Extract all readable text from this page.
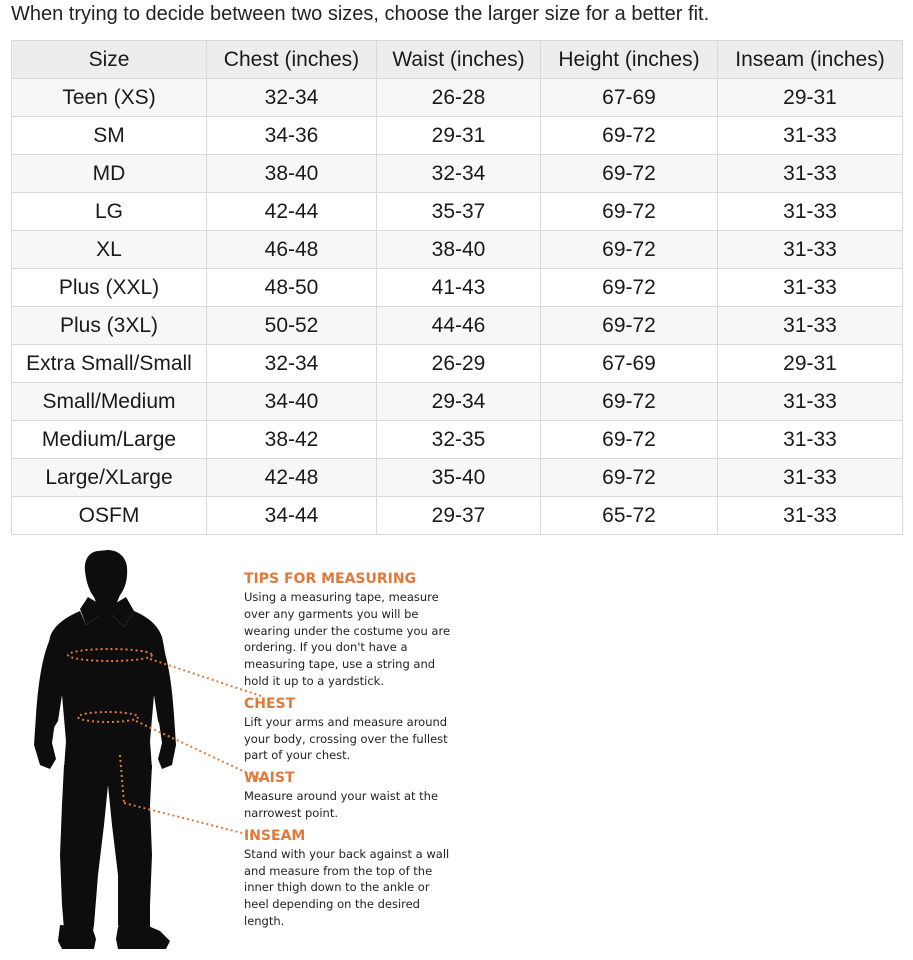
When trying to decide between two sizes, choose the larger size for a better fit.
Size	Chest (inches)	Waist (inches)	Height (inches)	Inseam (inches)
Teen (XS)	32-34	26-28	67-69	29-31
SM	34-36	29-31	69-72	31-33
MD	38-40	32-34	69-72	31-33
LG	42-44	35-37	69-72	31-33
XL	46-48	38-40	69-72	31-33
Plus (XXL)	48-50	41-43	69-72	31-33
Plus (3XL)	50-52	44-46	69-72	31-33
Extra Small/Small	32-34	26-29	67-69	29-31
Small/Medium	34-40	29-34	69-72	31-33
Medium/Large	38-42	32-35	69-72	31-33
Large/XLarge	42-48	35-40	69-72	31-33
OSFM	34-44	29-37	65-72	31-33

TIPS FOR MEASURING

Using a measuring tape, measure over any garments you will be wearing under the costume you are ordering. If you don't have a measuring tape, use a string and hold it up to a yardstick.

CHEST

Lift your arms and measure around your body, crossing over the fullest part of your chest.

WAIST

Measure around your waist at the narrowest point.

INSEAM

Stand with your back against a wall and measure from the top of the inner thigh down to the ankle or heel depending on the desired length.
